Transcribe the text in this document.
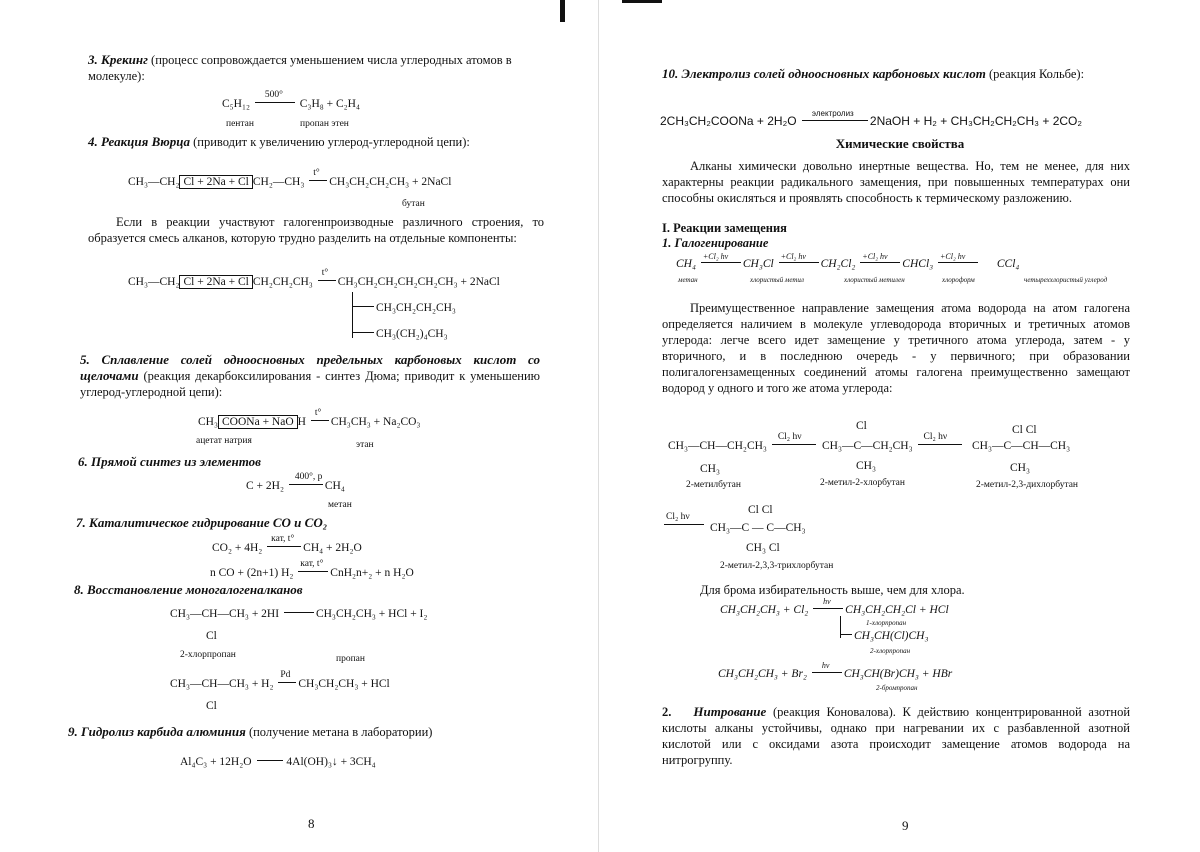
3. Крекинг (процесс сопровождается уменьшением числа углеродных атомов в молекуле):
C₅H₁₂
500°
C₃H₈ + C₂H₄
пентан	пропан этен
4. Реакция Вюрца (приводит к увеличению углерод-углеродной цепи):
CH₃—CH₂ Cl + 2Na + Cl CH₂—CH₃
t°
CH₃CH₂CH₂CH₃ + 2NaCl
бутан
Если в реакции участвуют галогенпроизводные различного строения, то образуется смесь алканов, которую трудно разделить на отдельные компоненты:
CH₃—CH₂ Cl + 2Na + Cl CH₂CH₂CH₃
t°
CH₃CH₂CH₂CH₂CH₂CH₃ + 2NaCl
CH₃CH₂CH₂CH₃
CH₃(CH₂)₄CH₃
5. Сплавление солей одноосновных предельных карбоновых кислот со щелочами (реакция декарбоксилирования - синтез Дюма; приводит к уменьшению углерод-углеродной цепи):
CH₃ COONa + NaO H
t°
CH₃CH₃ + Na₂CO₃
ацетат натрия	этан
6. Прямой синтез из элементов
C + 2H₂
400°, p
CH₄
метан
7. Каталитическое гидрирование CO и CO₂
CO₂ + 4H₂
кат, t°
CH₄ + 2H₂O
n CO + (2n+1) H₂
кат, t°
CnH₂n+₂ + n H₂O
8. Восстановление моногалогеналканов
CH₃—CH—CH₃ + 2HI	CH₃CH₂CH₃ + HCl + I₂
Cl
2-хлорпропан	пропан
CH₃—CH—CH₃ + H₂
Pd
CH₃CH₂CH₃ + HCl
Cl
9. Гидролиз карбида алюминия (получение метана в лаборатории)
Al₄C₃ + 12H₂O	4Al(OH)₃↓ + 3CH₄
8
10. Электролиз солей одноосновных карбоновых кислот (реакция Кольбе):
2CH₃CH₂COONa + 2H₂O
электролиз
2NaOH + H₂ + CH₃CH₂CH₂CH₃ + 2CO₂
Химические свойства
Алканы химически довольно инертные вещества. Но, тем не менее, для них характерны реакции радикального замещения, при повышенных температурах они способны окисляться и проявлять способность к термическому разложению.
I. Реакции замещения
1. Галогенирование
CH₄
+Cl₂ hν
CH₃Cl
+Cl₂ hν
CH₂Cl₂
+Cl₂ hν
CHCl₃
+Cl₂ hν
CCl₄
метан	хлористый метил	хлористый метилен	хлороформ	четыреххлористый углерод
Преимущественное направление замещения атома водорода на атом галогена определяется наличием в молекуле углеводорода вторичных и третичных атомов углерода: легче всего идет замещение у третичного атома углерода, затем - у вторичного, и в последнюю очередь - у первичного; при образовании полигалогензамещенных соединений атомы галогена преимущественно замещают водород у одного и того же атома углерода:
CH₃—CH—CH₂CH₃
Cl₂ hν
CH₃
2-метилбутан
Cl
CH₃—C—CH₂CH₃
Cl₂ hν
CH₃
2-метил-2-хлорбутан
Cl Cl
CH₃—C—CH—CH₃
CH₃
2-метил-2,3-дихлорбутан
Cl₂ hν
Cl Cl
CH₃—C — C—CH₃
CH₃ Cl
2-метил-2,3,3-трихлорбутан
Для брома избирательность выше, чем для хлора.
CH₃CH₂CH₃ + Cl₂
hν
CH₃CH₂CH₂Cl + HCl
1-хлорпропан
CH₃CH(Cl)CH₃
2-хлорпропан
CH₃CH₂CH₃ + Br₂
hν
CH₃CH(Br)CH₃ + HBr
2-бромпропан
2. Нитрование (реакция Коновалова). К действию концентрированной азотной кислоты алканы устойчивы, однако при нагревании их с разбавленной азотной кислотой или с оксидами азота происходит замещение атомов водорода на нитрогруппу.
9
